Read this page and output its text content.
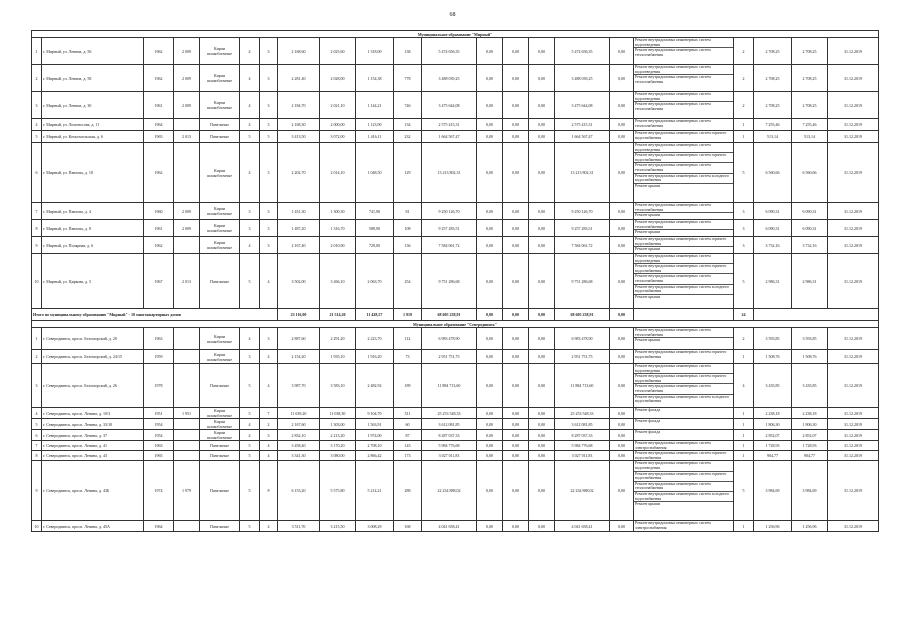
68
Муниципальное образование "Мирный"																					
1	г. Мирный, ул. Ленина, д. 56	1962	2 009	Кирпи шлакоблочные	4	3	2 168,60	2 025,60	1 318,00	138	5 474 656,35	0,00	0,00	0,00	5 474 656,35	0,00	Ремонт внутридомовых инженерных систем водоотведения
Ремонт внутридомовых инженерных систем теплоснабжения	2	2 708,25	2 708,25	31.12.2019
2	г. Мирный, ул. Ленина, д. 58	1962	2 009	Кирпи шлакоблочные	4	3	2 281,40	2 028,00	1 154,38	778	3 488 039,25	0,00	0,00	0,00	3 488 039,25	0,00	Ремонт внутридомовых инженерных систем водоотведения
Ремонт внутридомовых инженерных систем теплоснабжения	2	2 708,25	2 708,25	31.12.2019
3	г. Мирный, ул. Ленина, д. 30	1961	2 009	Кирпи шлакоблочные	4	3	2 184,70	2 021,10	1 144,21	746	3 475 644,08	0,00	0,00	0,00	3 475 644,08	0,00	Ремонт внутридомовых инженерных систем водоотведения
Ремонт внутридомовых инженерных систем теплоснабжения	2	2 708,25	2 708,25	31.12.2019
4	г. Мирный, ул. Ломоносова, д. 11	1964		Панельные	4	3	2 168,30	2 000,00	1 123,90	134	2 575 415,31	0,00	0,00	0,00	2 575 415,31	0,00	Ремонт внутридомовых инженерных систем теплоснабжения	1	7 255,46	7 255,46	31.12.2019
5	г. Мирный, ул. Комсомольская, д. 6	1965	2 013	Панельные	5	5	3 413,50	3 072,00	1 416,11	232	1 664 567,47	0,00	0,00	0,00	1 664 567,47	0,00	Ремонт внутридомовых инженерных систем горячего водоснабжения	1	513,14	513,14	31.12.2019
6	г. Мирный, ул. Павлова, д. 18	1962		Кирпи шлакоблочные	4	3	2 202,70	2 014,10	1 048,50	129	13 213 802,31	0,00	0,00	0,00	13 213 802,31	0,00	Ремонт внутридомовых инженерных систем водоотведения
Ремонт внутридомовых инженерных систем горячего водоснабжения
Ремонт внутридомовых инженерных систем теплоснабжения
Ремонт внутридомовых инженерных систем холодного водоснабжения
Ремонт крыши	5	6 560,66	6 560,66	31.12.2019
7	г. Мирный, ул. Павлова, д. 4	1960	2 009	Кирпи шлакоблочные	3	3	1 451,30	1 300,30	741,90	81	9 250 126,70	0,00	0,00	0,00	9 250 126,70	0,00	Ремонт внутридомовых инженерных систем теплоснабжения
Ремонт крыши	3	6 090,31	6 090,31	31.12.2019
8	г. Мирный, ул. Павлова, д. 8	1961	2 009	Кирпи шлакоблочные	3	3	1 487,20	1 316,70	588,90	108	9 257 283,51	0,00	0,00	0,00	9 257 283,51	0,00	Ремонт внутридомовых инженерных систем теплоснабжения
Ремонт крыши	3	6 090,31	6 090,31	31.12.2019
9	г. Мирный, ул. Полярная, д. 6	1962		Кирпи шлакоблочные	4	3	2 167,40	2 010,90	729,00	136	7 584 061,72	0,00	0,00	0,00	7 584 061,72	0,00	Ремонт внутридомовых инженерных систем горячего водоснабжения
Ремонт крыши	3	3 732,16	3 732,16	31.12.2019
10	г. Мирный, ул. Циркова, д. 5	1967	2 013	Панельные	5	4	3 502,00	3 266,10	2 063,70	254	9 751 286,68	0,00	0,00	0,00	9 751 286,68	0,00	Ремонт внутридомовых инженерных систем водоотведения
Ремонт внутридомовых инженерных систем горячего водоснабжения
Ремонт внутридомовых инженерных систем теплоснабжения
Ремонт внутридомовых инженерных систем холодного водоснабжения
Ремонт крыши	5	2 986,31	2 986,31	31.12.2019
Итого по муниципальному образованию "Мирный" - 10 многоквартирных домов							23 116,00	21 514,20	11 428,57	1 919	68 605 238,91	0,00	0,00	0,00	68 605 238,91	0,00		24			
Муниципальное образование "Северодвинск"																					
1	г. Северодвинск, просп. Беломорский, д. 20	1963		Кирпи шлакоблочные	4	3	2 887,60	2 291,20	2 223,70	112	6 983 478,90	0,00	0,00	0,00	6 983 478,90	0,00	Ремонт внутридомовых инженерных систем теплоснабжения
Ремонт крыши	2	3 593,85	3 593,85	31.12.2019
2	г. Северодвинск, просп. Беломорский, д. 24/15	1959		Кирпи шлакоблочные	3	4	2 154,20	1 935,10	1 916,20	73	2 951 751,75	0,00	0,00	0,00	2 951 751,75	0,00	Ремонт внутридомовых инженерных систем горячего водоснабжения	1	1 508,76	1 508,76	31.12.2019
3	г. Северодвинск, просп. Беломорский, д. 26	1978		Панельные	5	4	3 987,70	3 583,10	2 482,92	189	11 884 713,60	0,00	0,00	0,00	11 884 713,60	0,00	Ремонт внутридомовых инженерных систем водоотведения
Ремонт внутридомовых инженерных систем горячего водоснабжения
Ремонт внутридомовых инженерных систем теплоснабжения
Ремонт внутридомовых инженерных систем холодного водоснабжения	4	3 435,85	3 435,85	31.12.2019
4	г. Северодвинск, просп. Ленина, д. 10/3	1951	1 951	Кирпи шлакоблочные	5	7	11 639,20	11 038,30	9 104,70	511	25 253 548,33	0,00	0,00	0,00	25 253 548,33	0,00	Ремонт фасада	1	2 238,18	2 238,18	31.12.2019
5	г. Северодвинск, просп. Ленина, д. 33/10	1954		Кирпи шлакоблочные	4	2	2 167,60	1 303,00	1 563,91	60	3 612 081,85	0,00	0,00	0,00	3 612 081,85	0,00	Ремонт фасада	1	1 806,30	1 806,30	31.12.2019
6	г. Северодвинск, просп. Ленина, д. 37	1954		Кирпи шлакоблочные	4	3	2 832,10	2 213,20	1 974,00	87	8 287 037,33	0,00	0,00	0,00	8 287 037,33	0,00	Ремонт фасада	1	2 852,07	2 852,07	31.12.2019
7	г. Северодвинск, просп. Ленина, д. 41	1963		Панельные	5	4	3 458,40	3 170,20	2 708,10	143	5 984 776,68	0,00	0,00	0,00	5 984 776,68	0,00	Ремонт внутридомовых инженерных систем электроснабжения	1	1 728,93	1 728,93	31.12.2019
8	г. Северодвинск, просп. Ленина, д. 43	1965		Панельные	5	4	3 341,30	3 080,00	2 866,42	173	3 027 011,83	0,00	0,00	0,00	3 027 011,83	0,00	Ремонт внутридомовых инженерных систем горячего водоснабжения	1	904,77	904,77	31.12.2019
9	г. Северодвинск, просп. Ленина, д. 43Б	1974	1 979	Панельные	5	8	6 153,20	5 575,80	5 214,21	288	22 234 888,02	0,00	0,00	0,00	22 234 888,02	0,00	Ремонт внутридомовых инженерных систем водоотведения
Ремонт внутридомовых инженерных систем горячего водоснабжения
Ремонт внутридомовых инженерных систем теплоснабжения
Ремонт внутридомовых инженерных систем холодного водоснабжения
Ремонт крыши	5	3 984,69	3 984,69	31.12.2019
10	г. Северодвинск, просп. Ленина, д. 45А	1964		Панельные	5	4	3 511,70	3 215,50	3 008,29	168	4 041 658,41	0,00	0,00	0,00	4 041 658,41	0,00	Ремонт внутридомовых инженерных систем электроснабжения	1	1 256,96	1 256,96	31.12.2019
